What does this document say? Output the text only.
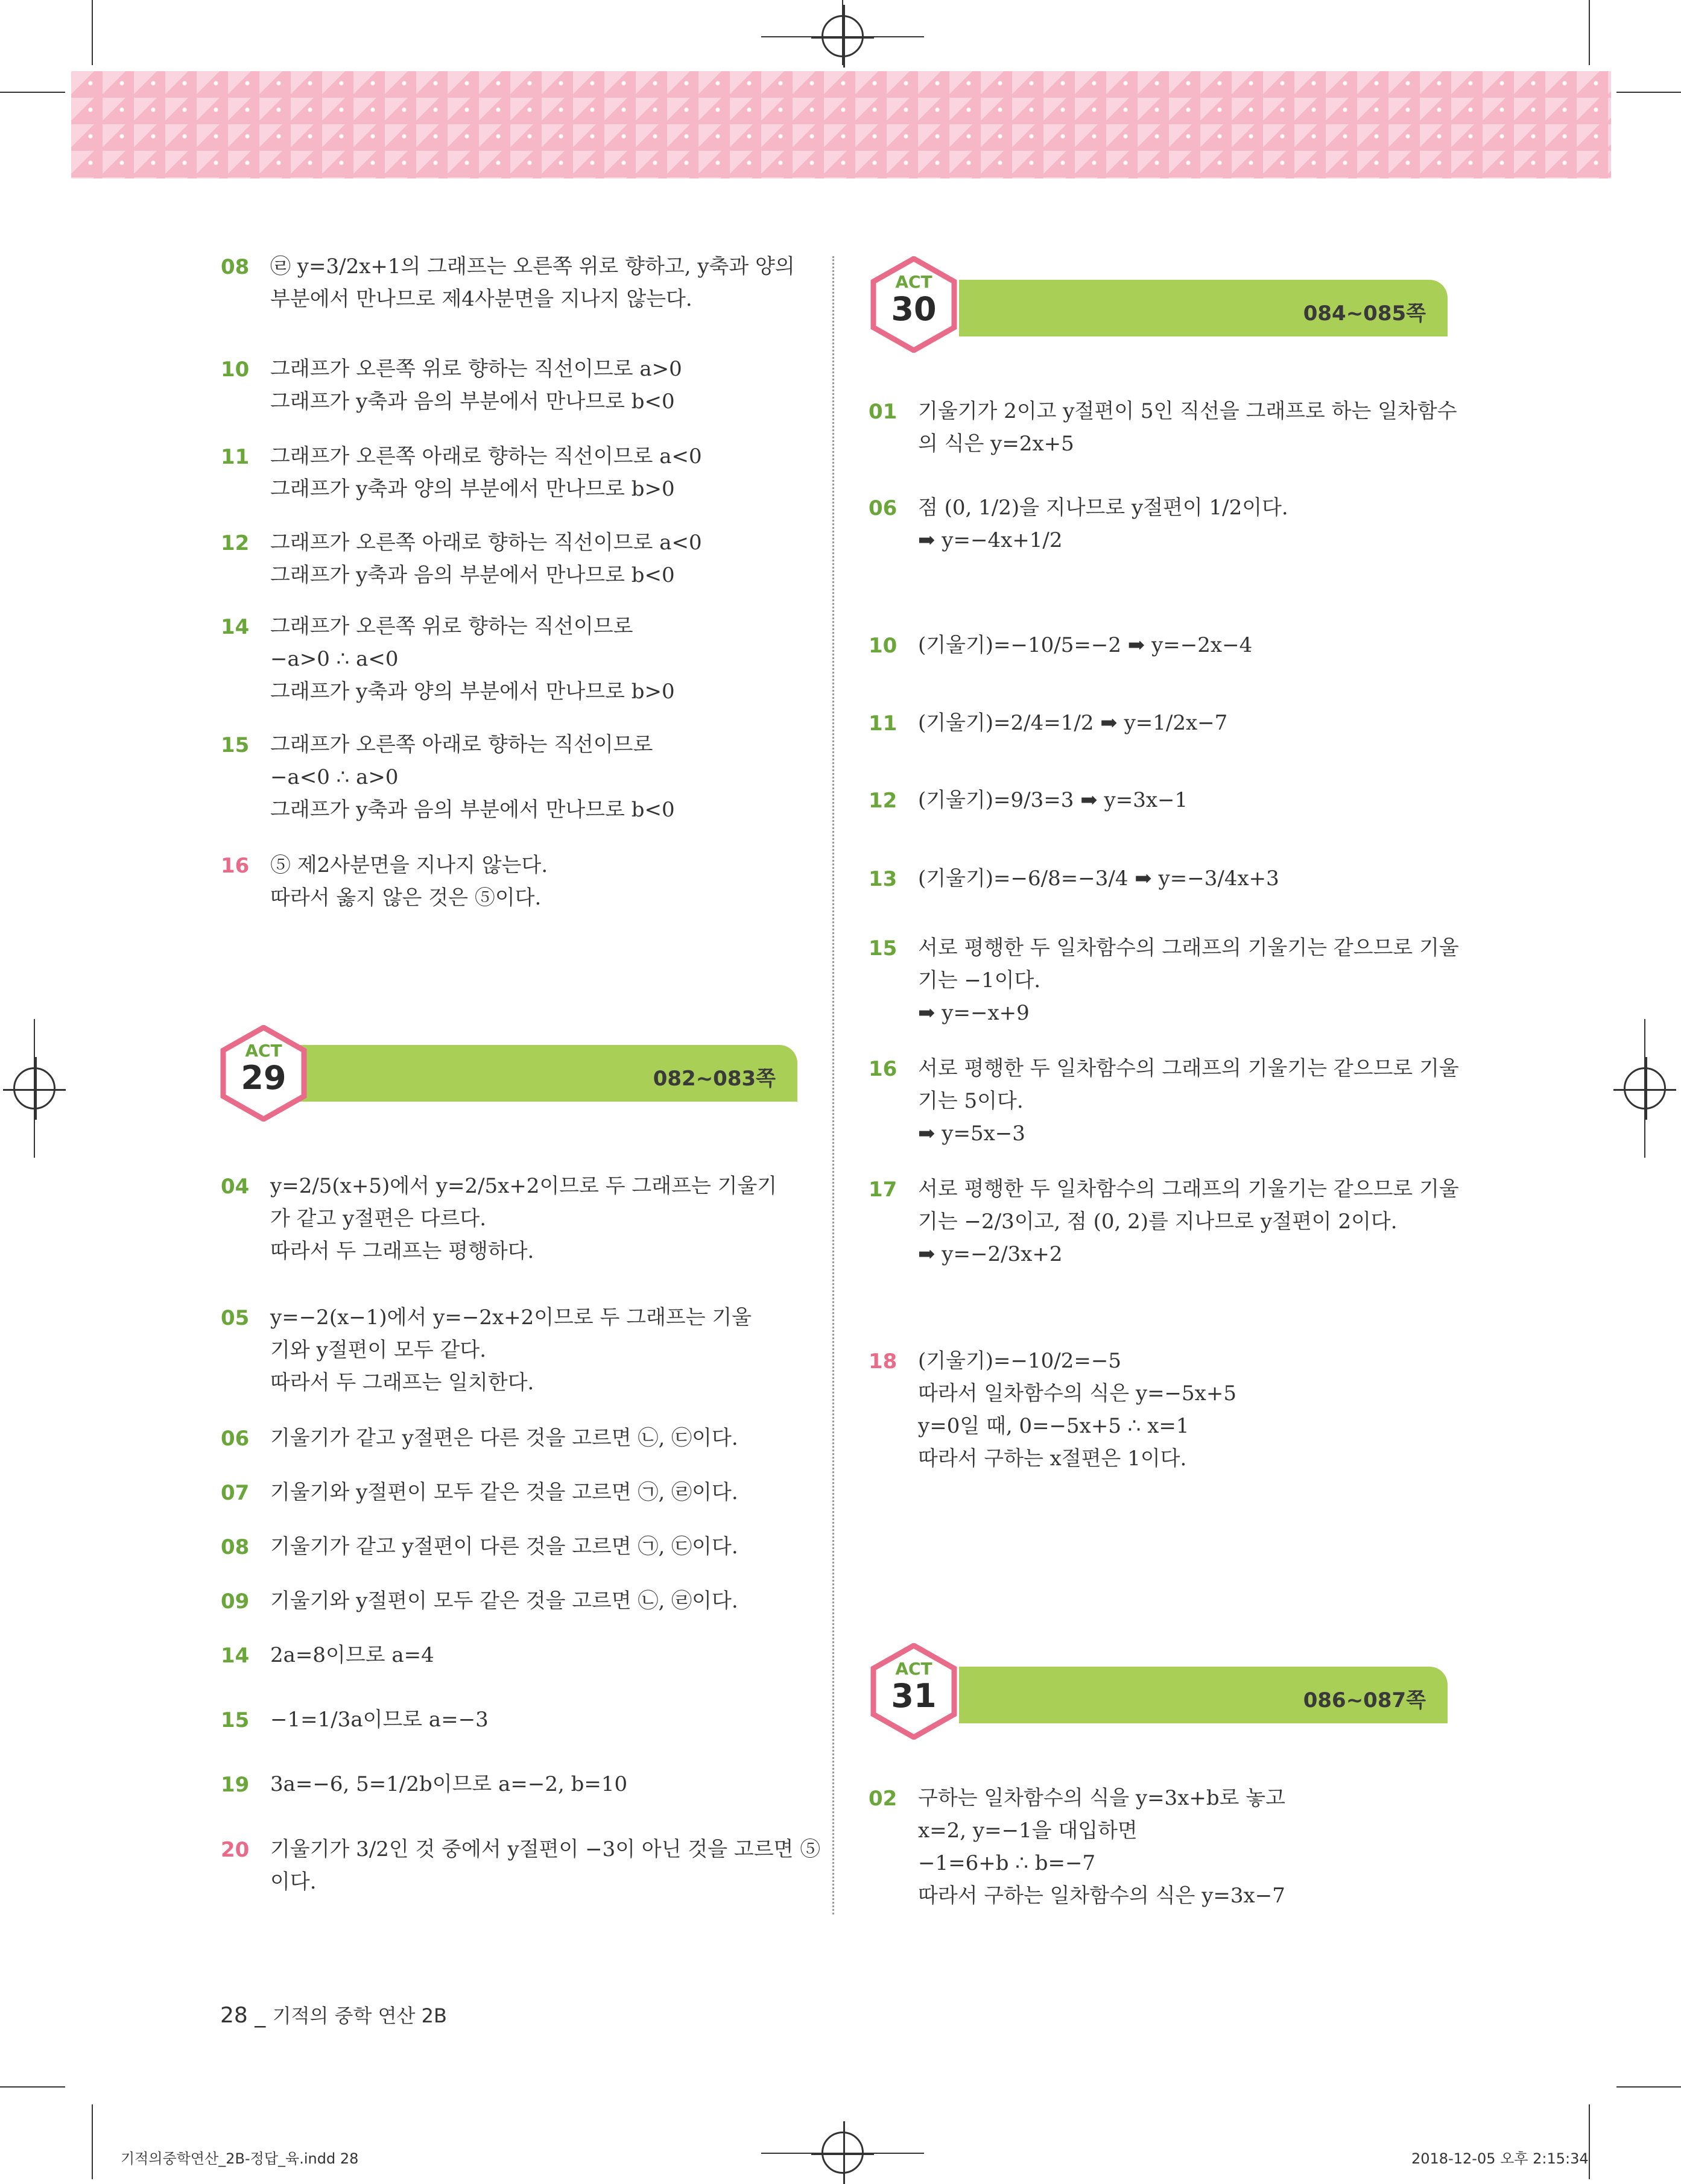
08 ㉣ y=3/2x+1의 그래프는 오른쪽 위로 향하고, y축과 양의
부분에서 만나므로 제4사분면을 지나지 않는다.
10 그래프가 오른쪽 위로 향하는 직선이므로 a>0
그래프가 y축과 음의 부분에서 만나므로 b<0
11 그래프가 오른쪽 아래로 향하는 직선이므로 a<0
그래프가 y축과 양의 부분에서 만나므로 b>0
12 그래프가 오른쪽 아래로 향하는 직선이므로 a<0
그래프가 y축과 음의 부분에서 만나므로 b<0
14 그래프가 오른쪽 위로 향하는 직선이므로
−a>0 ∴ a<0
그래프가 y축과 양의 부분에서 만나므로 b>0
15 그래프가 오른쪽 아래로 향하는 직선이므로
−a<0 ∴ a>0
그래프가 y축과 음의 부분에서 만나므로 b<0
16 ⑤ 제2사분면을 지나지 않는다.
따라서 옳지 않은 것은 ⑤이다.
082~083쪽
ACT
29
04 y=2/5(x+5)에서 y=2/5x+2이므로 두 그래프는 기울기
가 같고 y절편은 다르다.
따라서 두 그래프는 평행하다.
05 y=−2(x−1)에서 y=−2x+2이므로 두 그래프는 기울
기와 y절편이 모두 같다.
따라서 두 그래프는 일치한다.
06 기울기가 같고 y절편은 다른 것을 고르면 ㉡, ㉢이다.
07 기울기와 y절편이 모두 같은 것을 고르면 ㉠, ㉣이다.
08 기울기가 같고 y절편이 다른 것을 고르면 ㉠, ㉢이다.
09 기울기와 y절편이 모두 같은 것을 고르면 ㉡, ㉣이다.
14 2a=8이므로 a=4
15 −1=1/3a이므로 a=−3
19 3a=−6, 5=1/2b이므로 a=−2, b=10
20 기울기가 3/2인 것 중에서 y절편이 −3이 아닌 것을 고르면 ⑤
이다.
084~085쪽
ACT
30
01 기울기가 2이고 y절편이 5인 직선을 그래프로 하는 일차함수
의 식은 y=2x+5
06 점 (0, 1/2)을 지나므로 y절편이 1/2이다.
➡ y=−4x+1/2
10 (기울기)=−10/5=−2 ➡ y=−2x−4
11 (기울기)=2/4=1/2 ➡ y=1/2x−7
12 (기울기)=9/3=3 ➡ y=3x−1
13 (기울기)=−6/8=−3/4 ➡ y=−3/4x+3
15 서로 평행한 두 일차함수의 그래프의 기울기는 같으므로 기울
기는 −1이다.
➡ y=−x+9
16 서로 평행한 두 일차함수의 그래프의 기울기는 같으므로 기울
기는 5이다.
➡ y=5x−3
17 서로 평행한 두 일차함수의 그래프의 기울기는 같으므로 기울
기는 −2/3이고, 점 (0, 2)를 지나므로 y절편이 2이다.
➡ y=−2/3x+2
18 (기울기)=−10/2=−5
따라서 일차함수의 식은 y=−5x+5
y=0일 때, 0=−5x+5 ∴ x=1
따라서 구하는 x절편은 1이다.
086~087쪽
ACT
31
02 구하는 일차함수의 식을 y=3x+b로 놓고
x=2, y=−1을 대입하면
−1=6+b ∴ b=−7
따라서 구하는 일차함수의 식은 y=3x−7
28 _ 기적의 중학 연산 2B
기적의중학연산_2B-정답_육.indd 28	2018-12-05 오후 2:15:34
